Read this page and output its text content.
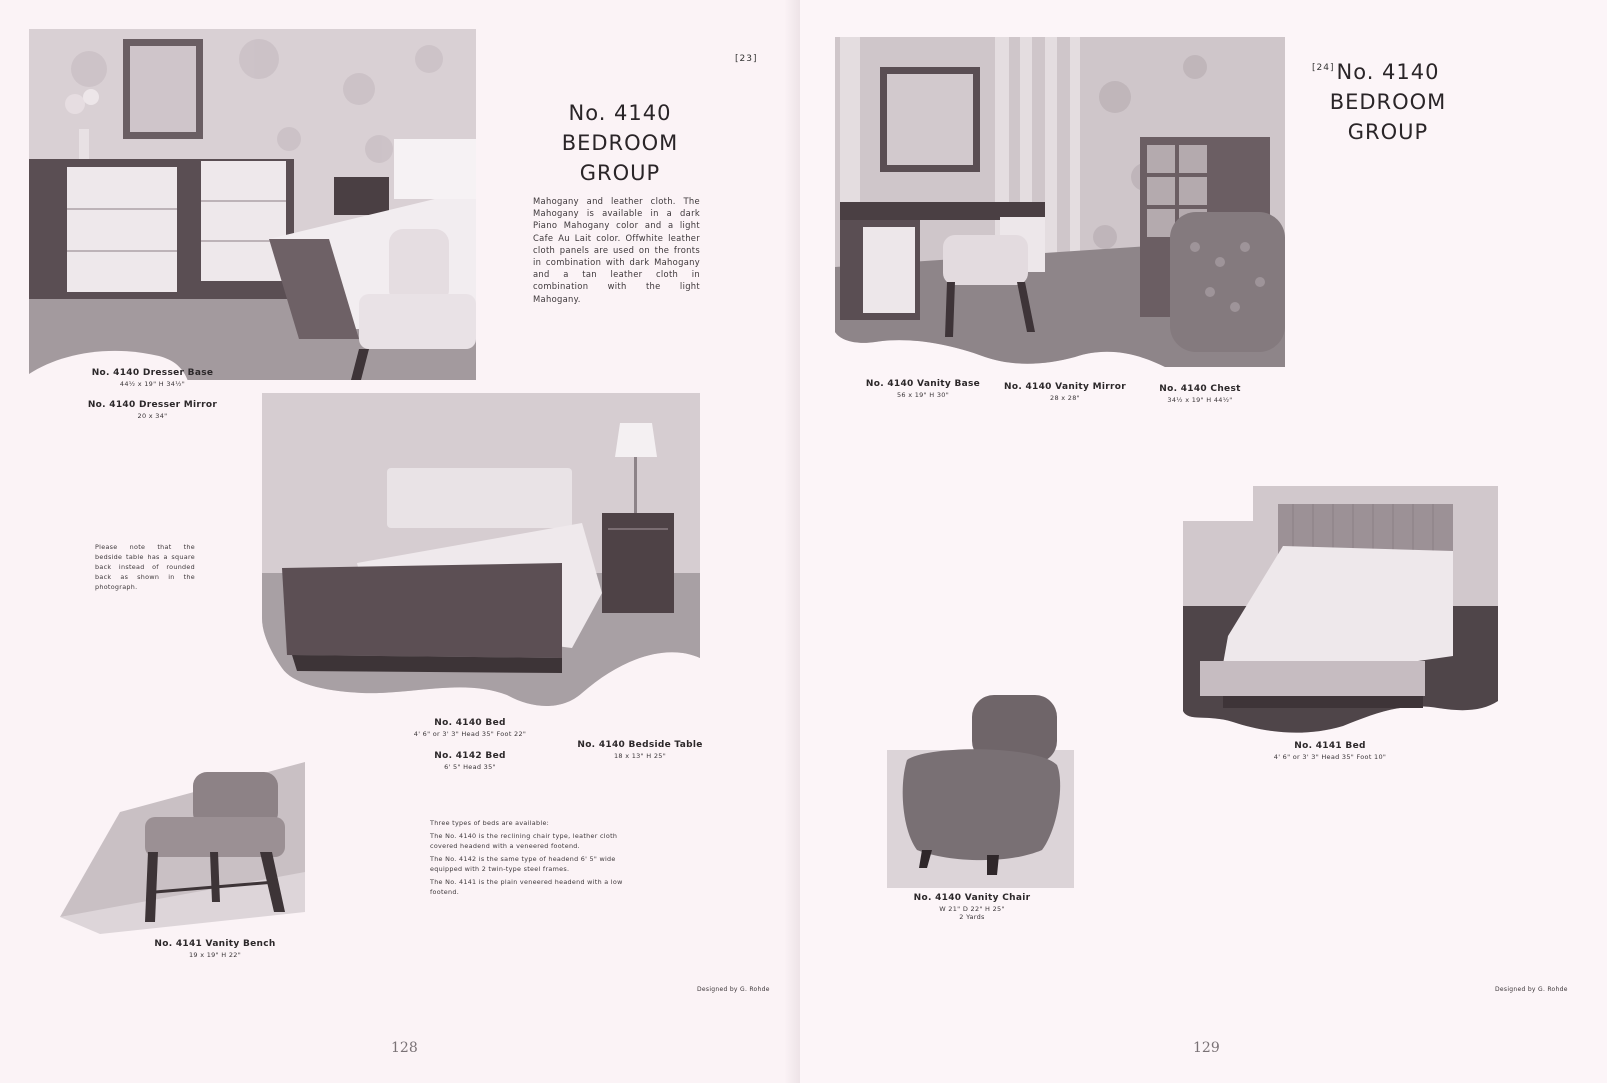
[23]
No. 4140
BEDROOM
GROUP
Mahogany and leather cloth. The Mahogany is available in a dark Piano Mahogany color and a light Cafe Au Lait color. Offwhite leather cloth panels are used on the fronts in combination with dark Mahogany and a tan leather cloth in combination with the light Mahogany.
No. 4140 Dresser Base
44½ x 19" H 34½"
No. 4140 Dresser Mirror
20 x 34"
Please note that the bedside table has a square back instead of rounded back as shown in the photograph.
No. 4140 Bed
4' 6" or 3' 3" Head 35" Foot 22"
No. 4142 Bed
6' 5" Head 35"
No. 4140 Bedside Table
18 x 13" H 25"
No. 4141 Vanity Bench
19 x 19" H 22"

Three types of beds are available:

The No. 4140 is the reclining chair type, leather cloth covered headend with a veneered footend.

The No. 4142 is the same type of headend 6' 5" wide equipped with 2 twin-type steel frames.

The No. 4141 is the plain veneered headend with a low footend.

Designed by G. Rohde
128
[24] No. 4140
BEDROOM
GROUP
No. 4140 Vanity Base
56 x 19" H 30"
No. 4140 Vanity Mirror
28 x 28"
No. 4140 Chest
34½ x 19" H 44½"
No. 4141 Bed
4' 6" or 3' 3" Head 35" Foot 10"
No. 4140 Vanity Chair
W 21" D 22" H 25"
2 Yards
Designed by G. Rohde
129
